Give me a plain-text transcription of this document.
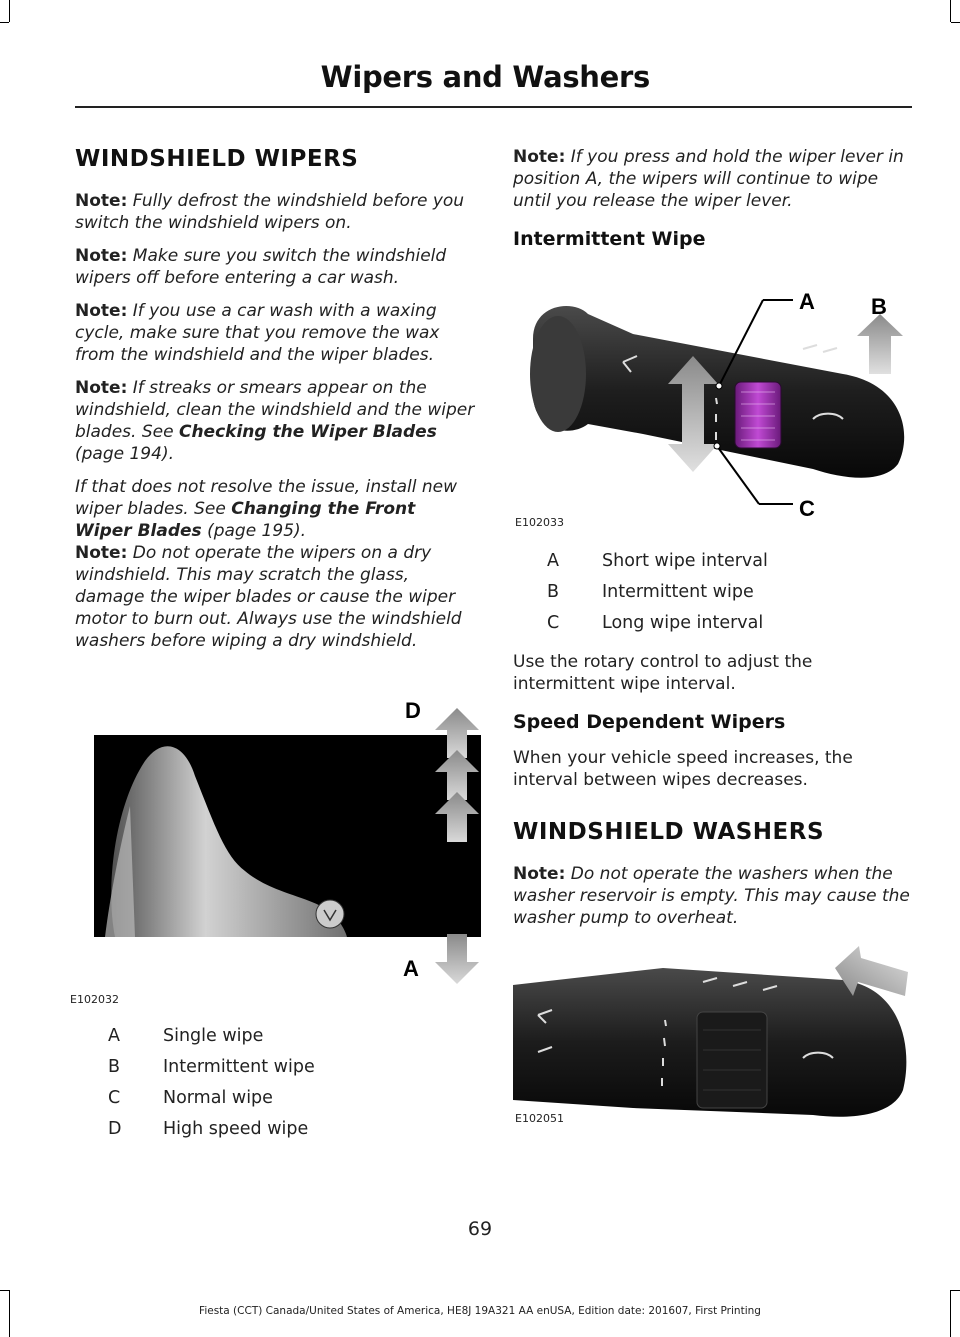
Wipers and Washers
WINDSHIELD WIPERS

Note: Fully defrost the windshield before you switch the windshield wipers on.

Note: Make sure you switch the windshield wipers off before entering a car wash.

Note: If you use a car wash with a waxing cycle, make sure that you remove the wax from the windshield and the wiper blades.

Note: If streaks or smears appear on the windshield, clean the windshield and the wiper blades. See Checking the Wiper Blades (page 194).

If that does not resolve the issue, install new wiper blades. See Changing the Front Wiper Blades (page 195).

Note: Do not operate the wipers on a dry windshield. This may scratch the glass, damage the wiper blades or cause the wiper motor to burn out. Always use the windshield washers before wiping a dry windshield.

D
C
A
E102032
A	Single wipe
B	Intermittent wipe
C	Normal wipe
D	High speed wipe

Note: If you press and hold the wiper lever in position A, the wipers will continue to wipe until you release the wiper lever.

Intermittent Wipe
A	B
C
E102033
A	Short wipe interval
B	Intermittent wipe
C	Long wipe interval

Use the rotary control to adjust the intermittent wipe interval.

Speed Dependent Wipers

When your vehicle speed increases, the interval between wipes decreases.

WINDSHIELD WASHERS

Note: Do not operate the washers when the washer reservoir is empty. This may cause the washer pump to overheat.

E102051
69
Fiesta (CCT) Canada/United States of America, HE8J 19A321 AA enUSA, Edition date: 201607, First Printing
